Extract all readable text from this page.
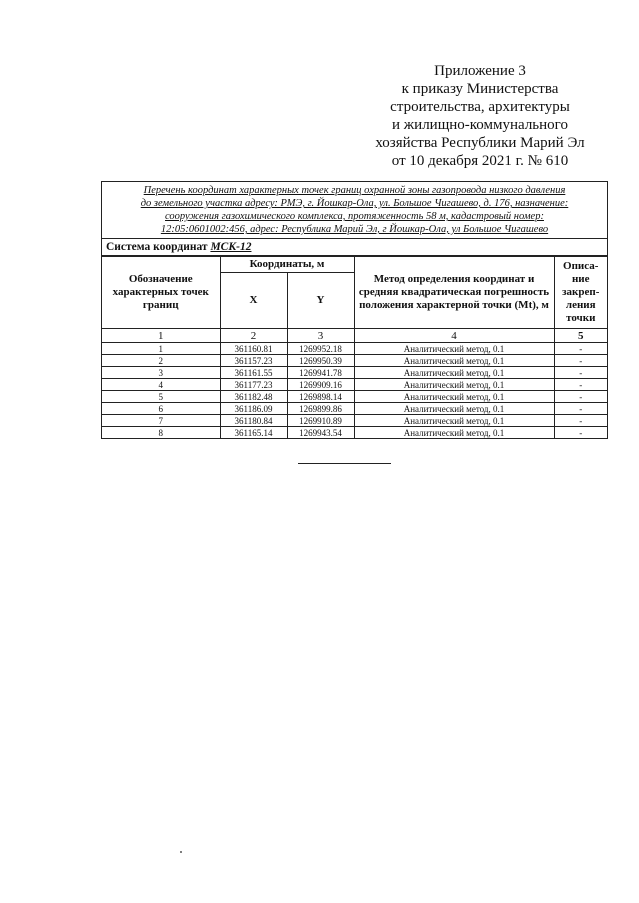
Приложение 3
к приказу Министерства
строительства, архитектуры
и жилищно-коммунального
хозяйства Республики Марий Эл
от 10 декабря 2021 г. № 610
Перечень координат характерных точек границ охранной зоны газопровода низкого давления
до земельного участка адресу: РМЭ, г. Йошкар-Ола, ул. Большое Чигашево, д. 176, назначение:
сооружения газохимического комплекса, протяженность 58 м, кадастровый номер:
12:05:0601002:456, адрес: Республика Марий Эл, г Йошкар-Ола, ул Большое Чигашево
Система координат МСК-12
Обозначение характерных точек границ	Координаты, м		Метод определения координат и средняя квадратическая погрешность положения характерной точки (Mt), м	Описа-ние закреп-ления точки
	X	Y		
1	2	3	4	5
1	361160.81	1269952.18	Аналитический метод, 0.1	-
2	361157.23	1269950.39	Аналитический метод, 0.1	-
3	361161.55	1269941.78	Аналитический метод, 0.1	-
4	361177.23	1269909.16	Аналитический метод, 0.1	-
5	361182.48	1269898.14	Аналитический метод, 0.1	-
6	361186.09	1269899.86	Аналитический метод, 0.1	-
7	361180.84	1269910.89	Аналитический метод, 0.1	-
8	361165.14	1269943.54	Аналитический метод, 0.1	-
